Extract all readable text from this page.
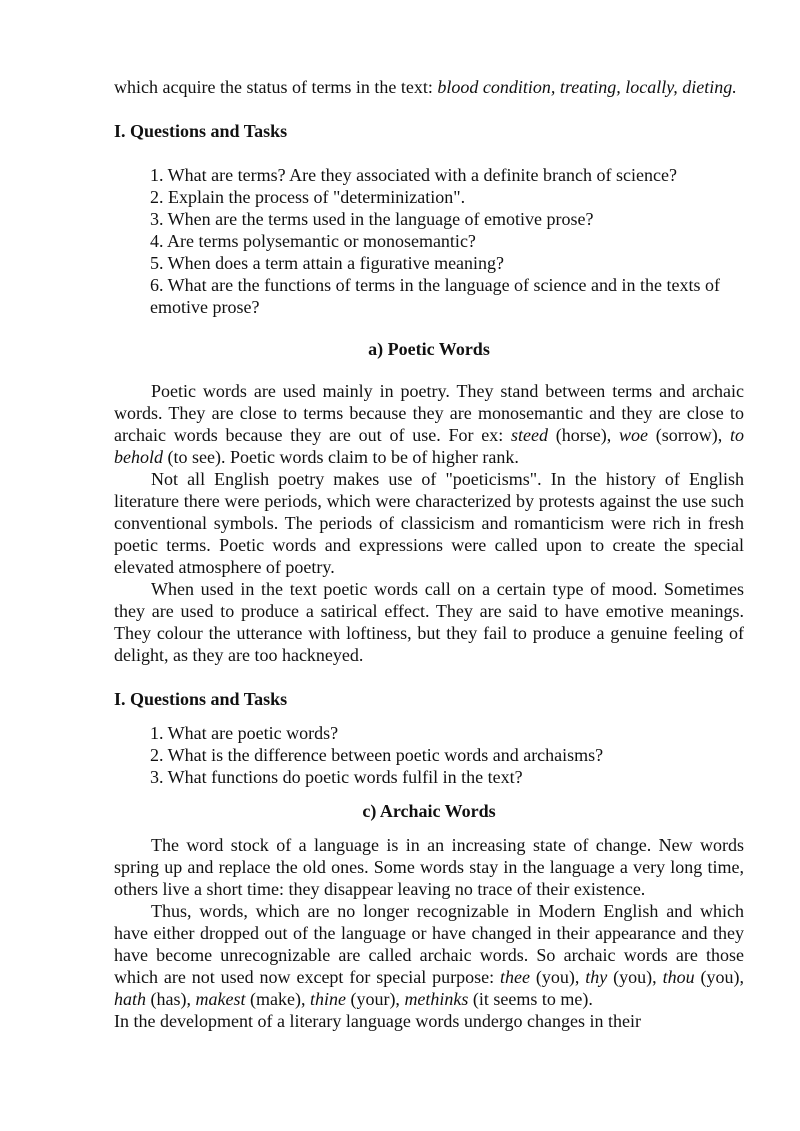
which acquire the status of terms in the text: blood condition, treating, locally, dieting.

I. Questions and Tasks
1. What are terms? Are they associated with a definite branch of science?
2. Explain the process of "determinization".
3. When are the terms used in the language of emotive prose?
4. Are terms polysemantic or monosemantic?
5. When does a term attain a figurative meaning?
6. What are the functions of terms in the language of science and in the texts of emotive prose?
a) Poetic Words

Poetic words are used mainly in poetry. They stand between terms and archaic words. They are close to terms because they are monosemantic and they are close to archaic words because they are out of use. For ex: steed (horse), woe (sorrow), to behold (to see). Poetic words claim to be of higher rank.

Not all English poetry makes use of "poeticisms". In the history of English literature there were periods, which were characterized by protests against the use such conventional symbols. The periods of classicism and romanticism were rich in fresh poetic terms. Poetic words and expressions were called upon to create the special elevated atmosphere of poetry.

When used in the text poetic words call on a certain type of mood. Sometimes they are used to produce a satirical effect. They are said to have emotive meanings. They colour the utterance with loftiness, but they fail to produce a genuine feeling of delight, as they are too hackneyed.

I. Questions and Tasks
1. What are poetic words?
2. What is the difference between poetic words and archaisms?
3. What functions do poetic words fulfil in the text?
c) Archaic Words

The word stock of a language is in an increasing state of change. New words spring up and replace the old ones. Some words stay in the language a very long time, others live a short time: they disappear leaving no trace of their existence.

Thus, words, which are no longer recognizable in Modern English and which have either dropped out of the language or have changed in their appearance and they have become unrecognizable are called archaic words. So archaic words are those which are not used now except for special purpose: thee (you), thy (you), thou (you), hath (has), makest (make), thine (your), methinks (it seems to me).

In the development of a literary language words undergo changes in their
